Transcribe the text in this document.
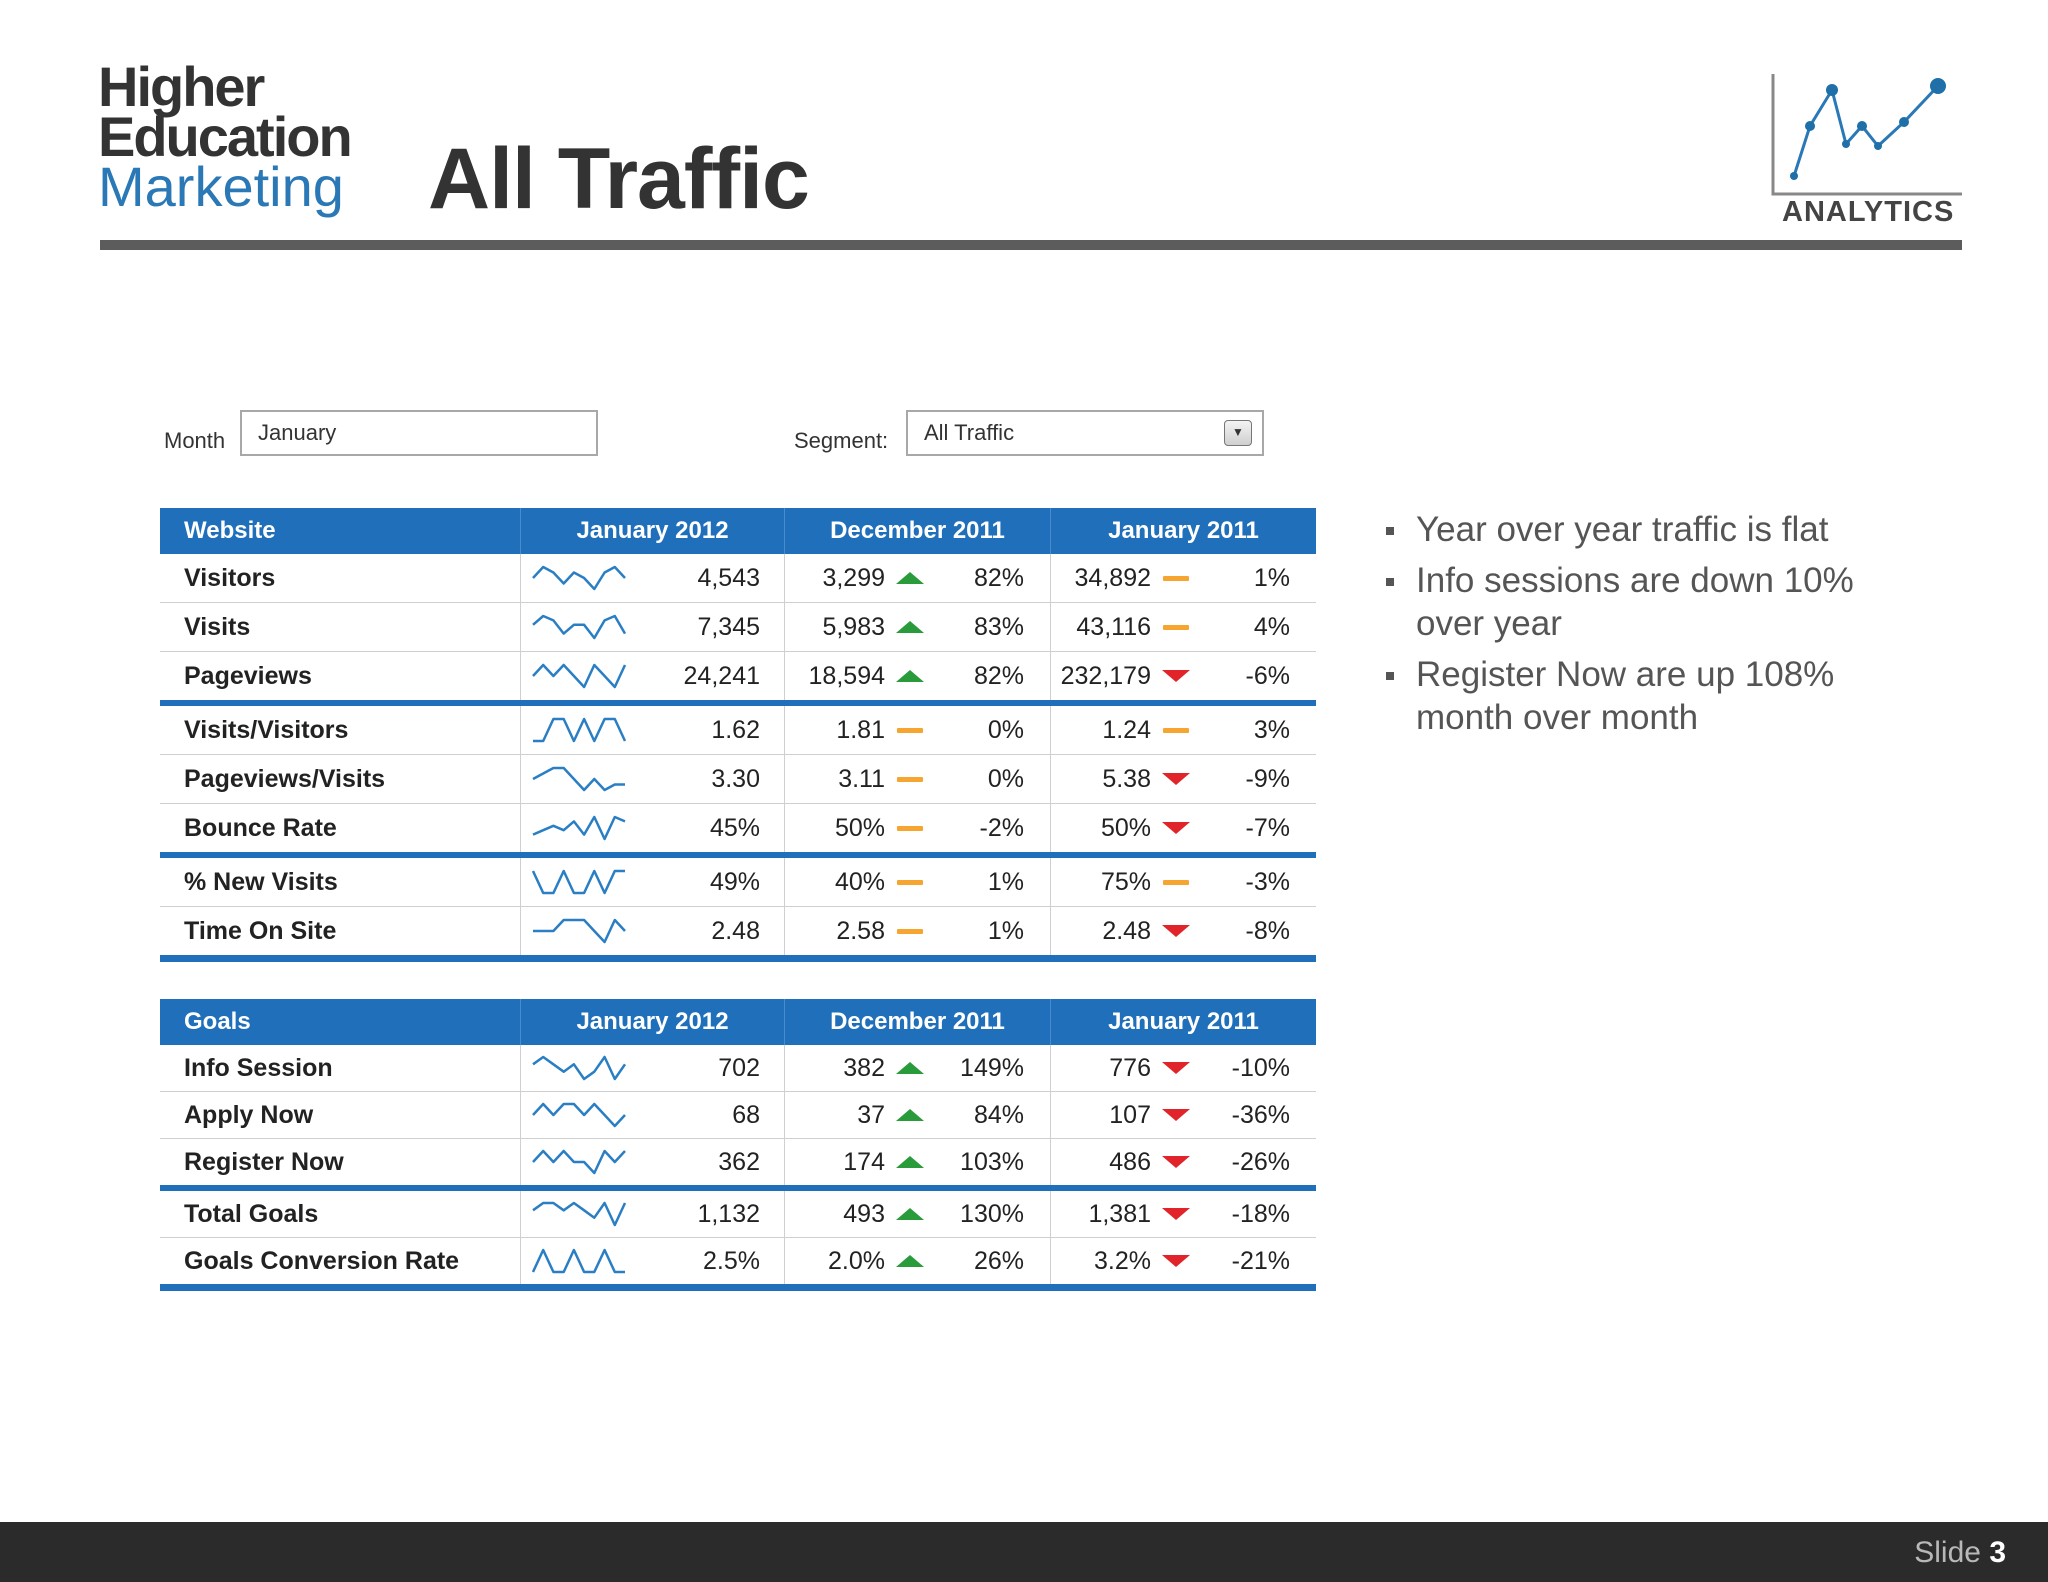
Higher
Education
Marketing All Traffic	ANALYTICS
Month	January	Segment:	All Traffic	▼
Website	January 2012	December 2011	January 2011
Visitors	4,543	3,299	82%	34,892	1%
Visits	7,345	5,983	83%	43,116	4%
Pageviews	24,241	18,594	82%	232,179	-6%
Visits/Visitors	1.62	1.81	0%	1.24	3%
Pageviews/Visits	3.30	3.11	0%	5.38	-9%
Bounce Rate	45%	50%	-2%	50%	-7%
% New Visits	49%	40%	1%	75%	-3%
Time On Site	2.48	2.58	1%	2.48	-8%
Goals	January 2012	December 2011	January 2011
Info Session	702	382	149%	776	-10%
Apply Now	68	37	84%	107	-36%
Register Now	362	174	103%	486	-26%
Total Goals	1,132	493	130%	1,381	-18%
Goals Conversion Rate	2.5%	2.0%	26%	3.2%	-21%
Year over year traffic is flat
Info sessions are down 10% over year
Register Now are up 108% month over month
Slide 3
